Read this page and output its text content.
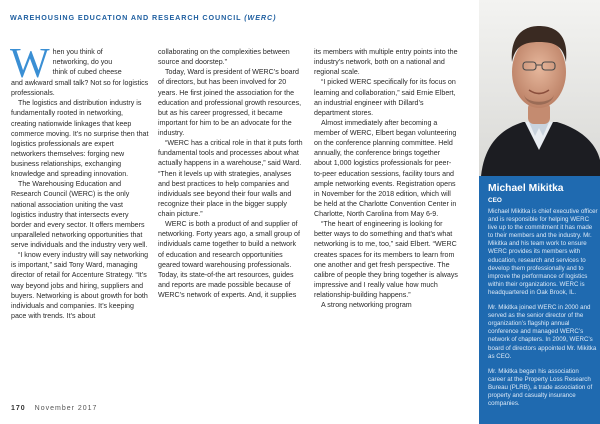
WAREHOUSING EDUCATION AND RESEARCH COUNCIL (WERC)
W hen you think of
networking, do you
think of cubed cheese
and awkward small talk? Not so for logistics professionals.

The logistics and distribution industry is fundamentally rooted in networking, creating nationwide linkages that keep commerce moving. It’s no surprise then that logistics professionals are expert networkers themselves: forging new business relationships, exchanging knowledge and spreading innovation.

The Warehousing Education and Research Council (WERC) is the only national association uniting the vast logistics industry that intersects every border and every sector. It offers members unparalleled networking opportunities that serve individuals and the industry very well.

“I know every industry will say networking is important,” said Tony Ward, managing director of retail for Accenture Strategy. “It’s way beyond jobs and hiring, suppliers and buyers. Networking is about growth for both individuals and companies. It’s keeping pace with trends. It’s about

collaborating on the complexities between source and doorstep.”

Today, Ward is president of WERC’s board of directors, but has been involved for 20 years. He first joined the association for the education and professional growth resources, but as his career progressed, it became important for him to be an advocate for the industry.

“WERC has a critical role in that it puts forth fundamental tools and processes about what actually happens in a warehouse,” said Ward. “Then it levels up with strategies, analyses and best practices to help companies and individuals see beyond their four walls and recognize their place in the bigger supply chain picture.”

WERC is both a product of and supplier of networking. Forty years ago, a small group of individuals came together to build a network of education and research opportunities geared toward warehousing professionals. Today, its state-of-the art resources, guides and reports are made possible because of WERC’s network of experts. And, it supplies

its members with multiple entry points into the industry’s network, both on a national and regional scale.

“I picked WERC specifically for its focus on learning and collaboration,” said Ernie Elbert, an industrial engineer with Dillard’s department stores.

Almost immediately after becoming a member of WERC, Elbert began volunteering on the conference planning committee. Held annually, the conference brings together about 1,000 logistics professionals for peer-to-peer education sessions, facility tours and ample networking events. Registration opens in November for the 2018 edition, which will be held at the Charlotte Convention Center in Charlotte, North Carolina from May 6-9.

“The heart of engineering is looking for better ways to do something and that’s what networking is to me, too,” said Elbert. “WERC creates spaces for its members to learn from one another and get fresh perspective. The calibre of people they bring together is always impressive and I really value how much relationship-building happens.”

A strong networking program

Michael Mikitka
CEO

Michael Mikitka is chief executive officer and is responsible for helping WERC live up to the commitment it has made to their members and the industry. Mr. Mikitka and his team work to ensure WERC provides its members with education, research and services to develop them professionally and to improve the performance of logistics within their organizations. WERC is headquartered in Oak Brook, IL.

Mr. Mikitka joined WERC in 2000 and served as the senior director of the organization’s flagship annual conference and managed WERC’s network of chapters. In 2009, WERC’s board of directors appointed Mr. Mikitka as CEO.

Mr. Mikitka began his association career at the Property Loss Research Bureau (PLRB), a trade association of property and casualty insurance companies.

170 November 2017
